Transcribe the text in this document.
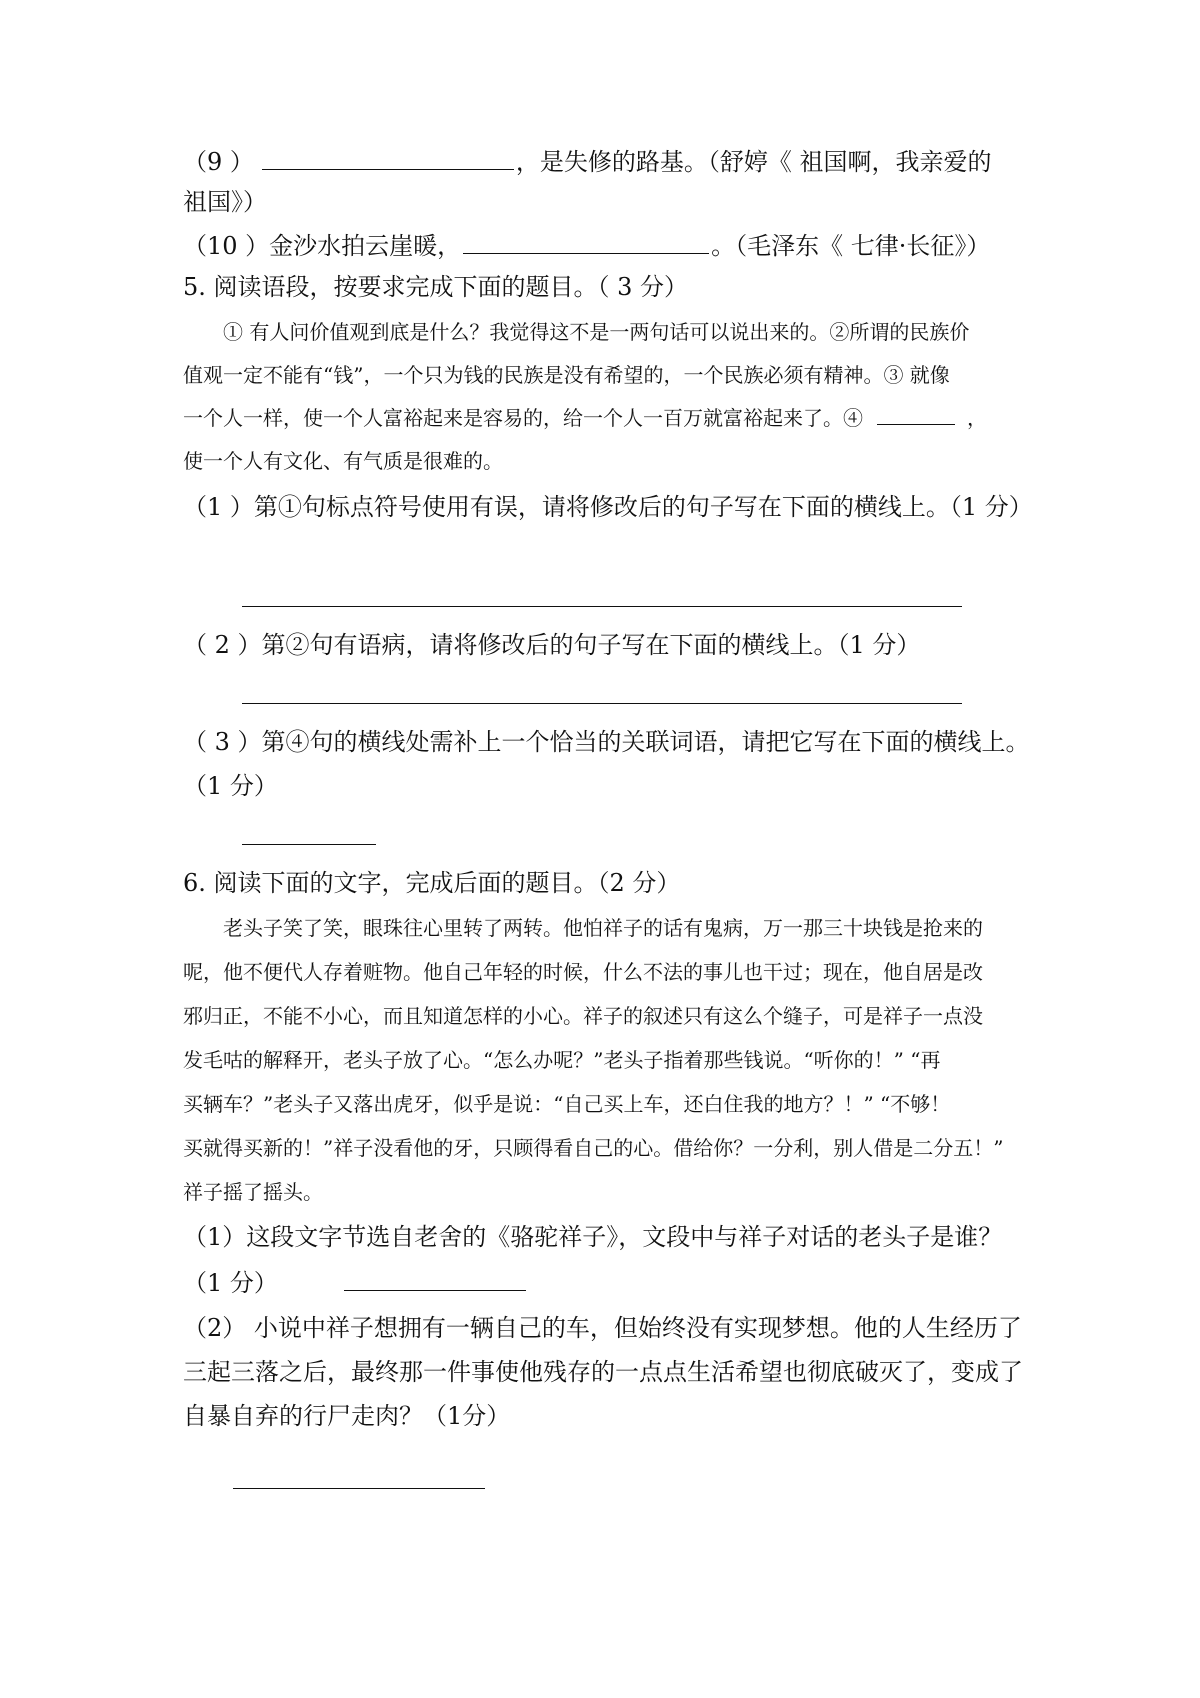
（9 ）	，是失修的路基。（舒婷《 祖国啊，我亲爱的
祖国》）
（10 ）金沙水拍云崖暖，	。（毛泽东《 七律·长征》）
5. 阅读语段，按要求完成下面的题目。（ 3 分）
① 有人问价值观到底是什么？我觉得这不是一两句话可以说出来的。②所谓的民族价
值观一定不能有“钱”，一个只为钱的民族是没有希望的，一个民族必须有精神。③ 就像
一个人一样，使一个人富裕起来是容易的，给一个人一百万就富裕起来了。④	，
使一个人有文化、有气质是很难的。
（1 ）第①句标点符号使用有误，请将修改后的句子写在下面的横线上。（1 分）
（ 2 ）第②句有语病，请将修改后的句子写在下面的横线上。（1 分）
（ 3 ）第④句的横线处需补上一个恰当的关联词语，请把它写在下面的横线上。
（1 分）
6. 阅读下面的文字，完成后面的题目。（2 分）
老头子笑了笑，眼珠往心里转了两转。他怕祥子的话有鬼病，万一那三十块钱是抢来的
呢，他不便代人存着赃物。他自己年轻的时候，什么不法的事儿也干过；现在，他自居是改
邪归正，不能不小心，而且知道怎样的小心。祥子的叙述只有这么个缝子，可是祥子一点没
发毛咕的解释开，老头子放了心。“怎么办呢？”老头子指着那些钱说。“听你的！” “再
买辆车？”老头子又落出虎牙，似乎是说：“自己买上车，还白住我的地方？！” “不够！
买就得买新的！”祥子没看他的牙，只顾得看自己的心。借给你？一分利，别人借是二分五！”
祥子摇了摇头。
（1）这段文字节选自老舍的《骆驼祥子》，文段中与祥子对话的老头子是谁？
（1 分）
（2） 小说中祥子想拥有一辆自己的车，但始终没有实现梦想。他的人生经历了
三起三落之后，最终那一件事使他残存的一点点生活希望也彻底破灭了，变成了
自暴自弃的行尸走肉？（1分）
